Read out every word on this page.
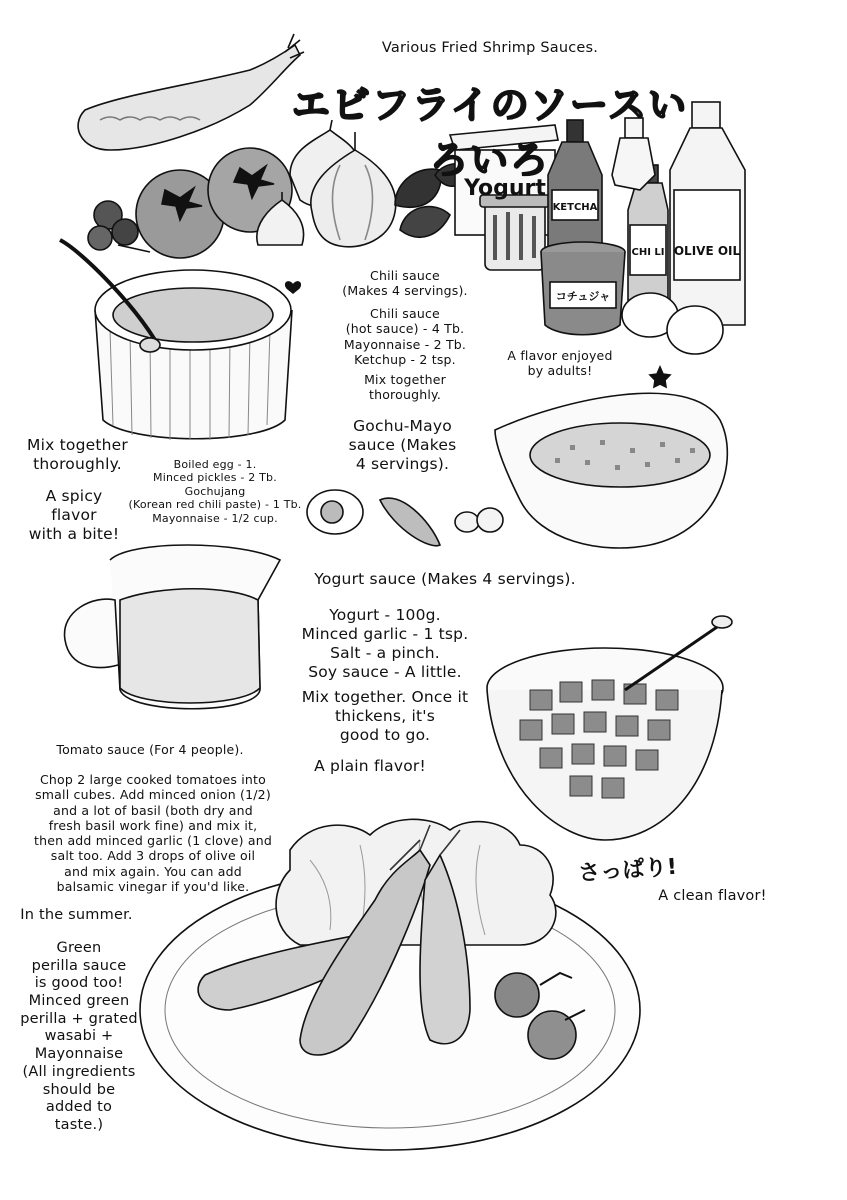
Yogurt
KETCHA
CHI LI OLIVE OIL
コチュジャ
Various Fried Shrimp Sauces.
エビフライのソースいろいろ
Chili sauce
(Makes 4 servings).
Chili sauce
(hot sauce) - 4 Tb.
Mayonnaise - 2 Tb.
Ketchup - 2 tsp.
Mix together
thoroughly.
A flavor enjoyed
by adults!
Gochu-Mayo
sauce (Makes
4 servings).
Boiled egg - 1.
Minced pickles - 2 Tb.
Gochujang
(Korean red chili paste) - 1 Tb.
Mayonnaise - 1/2 cup.
Mix together
thoroughly.
A spicy
flavor
with a bite!
Yogurt sauce (Makes 4 servings).
Yogurt - 100g.
Minced garlic - 1 tsp.
Salt - a pinch.
Soy sauce - A little.
Mix together. Once it
thickens, it's
good to go.
A plain flavor!
Tomato sauce (For 4 people).
Chop 2 large cooked tomatoes into
small cubes. Add minced onion (1/2)
and a lot of basil (both dry and
fresh basil work fine) and mix it,
then add minced garlic (1 clove) and
salt too. Add 3 drops of olive oil
and mix again. You can add
balsamic vinegar if you'd like.	さっぱり!
A clean flavor!
In the summer.
Green
perilla sauce
is good too!
Minced green
perilla + grated
wasabi +
Mayonnaise
(All ingredients
should be
added to
taste.)
